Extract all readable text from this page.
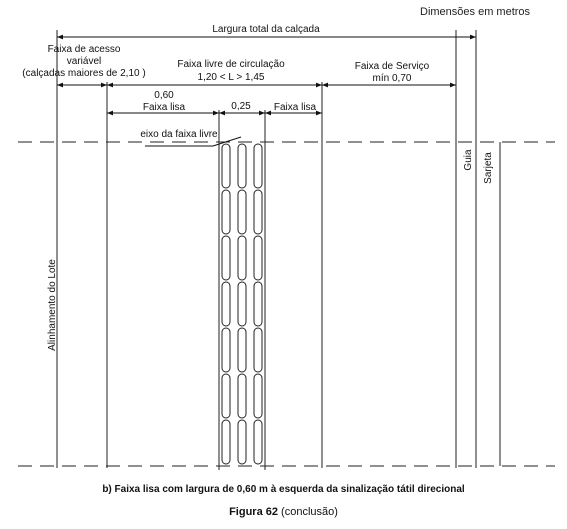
Dimensões em metros
Largura total da calçada
Faixa de acesso
variável
(calçadas maiores de 2,10 )
Faixa livre de circulação
1,20 < L > 1,45
Faixa de Serviço
mín 0,70
0,60
Faixa lisa	0,25 Faixa lisa
eixo da faixa livre
Alinhamento do Lote
Guia Sarjeta
b) Faixa lisa com largura de 0,60 m à esquerda da sinalização tátil direcional
Figura 62 (conclusão)
